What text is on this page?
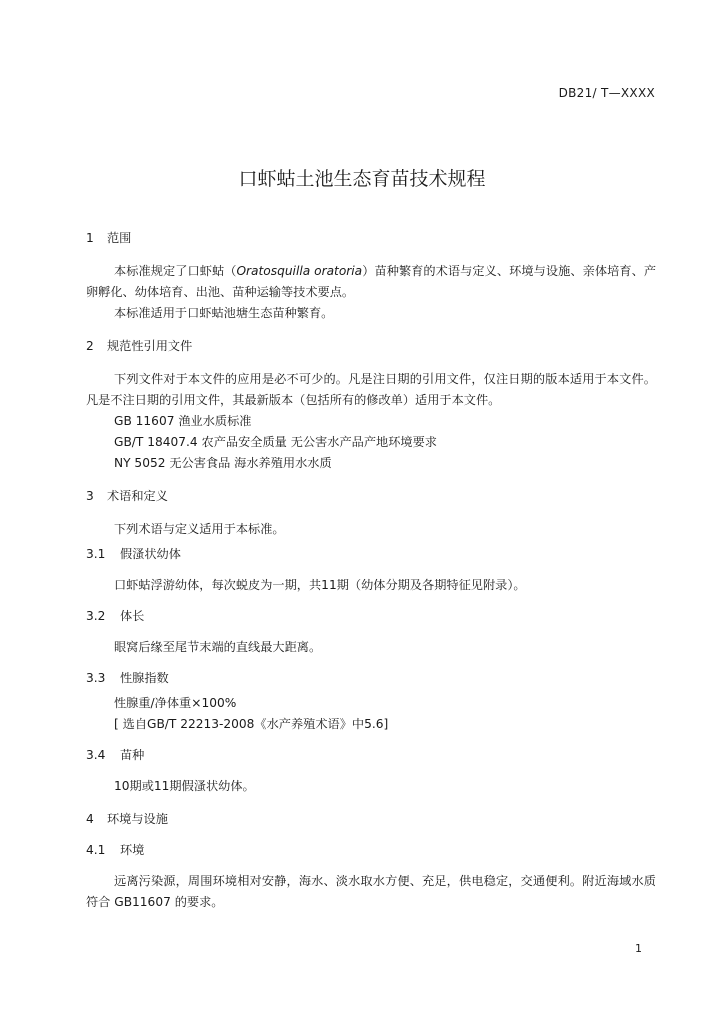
DB21/ T—XXXX
口虾蛄土池生态育苗技术规程

1 范围

本标准规定了口虾蛄（Oratosquilla oratoria）苗种繁育的术语与定义、环境与设施、亲体培育、产卵孵化、幼体培育、出池、苗种运输等技术要点。

本标准适用于口虾蛄池塘生态苗种繁育。

2 规范性引用文件

下列文件对于本文件的应用是必不可少的。凡是注日期的引用文件，仅注日期的版本适用于本文件。凡是不注日期的引用文件，其最新版本（包括所有的修改单）适用于本文件。

GB 11607 渔业水质标准

GB/T 18407.4 农产品安全质量 无公害水产品产地环境要求

NY 5052 无公害食品 海水养殖用水水质

3 术语和定义

下列术语与定义适用于本标准。

3.1 假溞状幼体

口虾蛄浮游幼体，每次蜕皮为一期，共11期（幼体分期及各期特征见附录）。

3.2 体长

眼窝后缘至尾节末端的直线最大距离。

3.3 性腺指数

性腺重/净体重×100%

[ 选自GB/T 22213-2008《水产养殖术语》中5.6]

3.4 苗种

10期或11期假溞状幼体。

4 环境与设施

4.1 环境

远离污染源，周围环境相对安静，海水、淡水取水方便、充足，供电稳定，交通便利。附近海域水质符合 GB11607 的要求。

1
